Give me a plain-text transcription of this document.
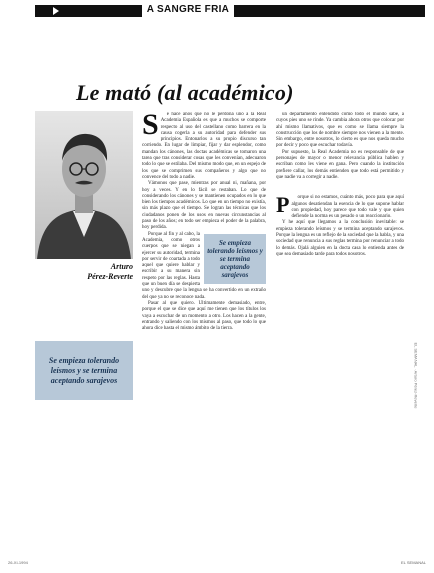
A SANGRE FRIA
Le mató (al académico)
Arturo
Pérez-Reverte
Se empieza tolerando leísmos y se termina aceptando sarajevos
S	é hace años que no le perdona uno a la Real Academia Española es que a muchos se comporte respecto al uso del castellano como barrera en la causa cogerla a su autoridad para defender sus principios. Entonarlos a su propio discurso tan corriendo. En lugar de limpiar, fijar y dar esplendor, como mandan los cánones, las doctas académicas se tomaron una tarea que tras considerar cosas que les convenían, adecuaron todo lo que se estilaba. Del mismo modo que, en un espejo de los que se comprimen sus compañeros y algo que no convence del todo a nadie.

Vámonos que pase, mientras por anual ni, mañana, por hoy a veces. Y en lo fácil se restaban. Lo que de considerando los cánones y se mantienen ocupados en lo que bien los tiempos académicos. Lo que en un tiempo no existía, sin más plazo que el tiempo. Se logran las técnicas que los ciudadanos ponen de los usos en nuevas circunstancias al paso de los años; en todo ser empieza el poder de la palabra, hoy perdida.

Se empieza tolerando leísmos y se termina aceptando sarajevos

Porque al fin y al cabo, la Academia, como otros cuerpos que se niegan a ejercer su autoridad, termina por servir de coartada a todo aquel que quiere hablar y escribir a su manera sin respeto por las reglas. Hasta que un buen día se despierta uno y descubre que la lengua se ha convertido en un extraño del que ya no se reconoce nada.

Pasar al que quiero. Ultimamente demasiado, entre, porque el que se dice que aquí me tienen que los títulos los vaya a escuchar de un momento a otro. Los hacen a la gente, entrando y saliendo con los mismos al paso, que todo lo que ahora dice hasta el mismo ámbito de la tierra.

un departamento entendido como todo el mundo sabe, a cuyos pies uno se rinde. Ya cambia ahora otros que colocar por ahí mismo llamativos, que es como se llama siempre la construcción que los de nombre siempre nos vienen a la mente. Sin embargo, entre nosotros, lo cierto es que nos queda mucho por decir y poco que escuchar todavía.

Por supuesto, la Real Academia no es responsable de que personajes de mayor o menor relevancia pública hablen y escriban como les viene en gana. Pero cuando la institución prefiere callar, los demás entienden que todo está permitido y que nadie va a corregir a nadie.

P	orque si no estamos, cuánto más, poco para que aquí algunos desatiendan la esencia de lo que supone hablar con propiedad, hoy parece que todo vale y que quien defiende la norma es un pesado o un reaccionario.

Y he aquí que llegamos a la conclusión inevitable: se empieza tolerando leísmos y se termina aceptando sarajevos. Porque la lengua es un reflejo de la sociedad que la habla, y una sociedad que renuncia a sus reglas termina por renunciar a todo lo demás. Ojalá alguien en la docta casa lo entienda antes de que sea demasiado tarde para todos nosotros.

EL SEMANAL · Arturo Pérez-Reverte
26-XI-1994	EL SEMANAL
